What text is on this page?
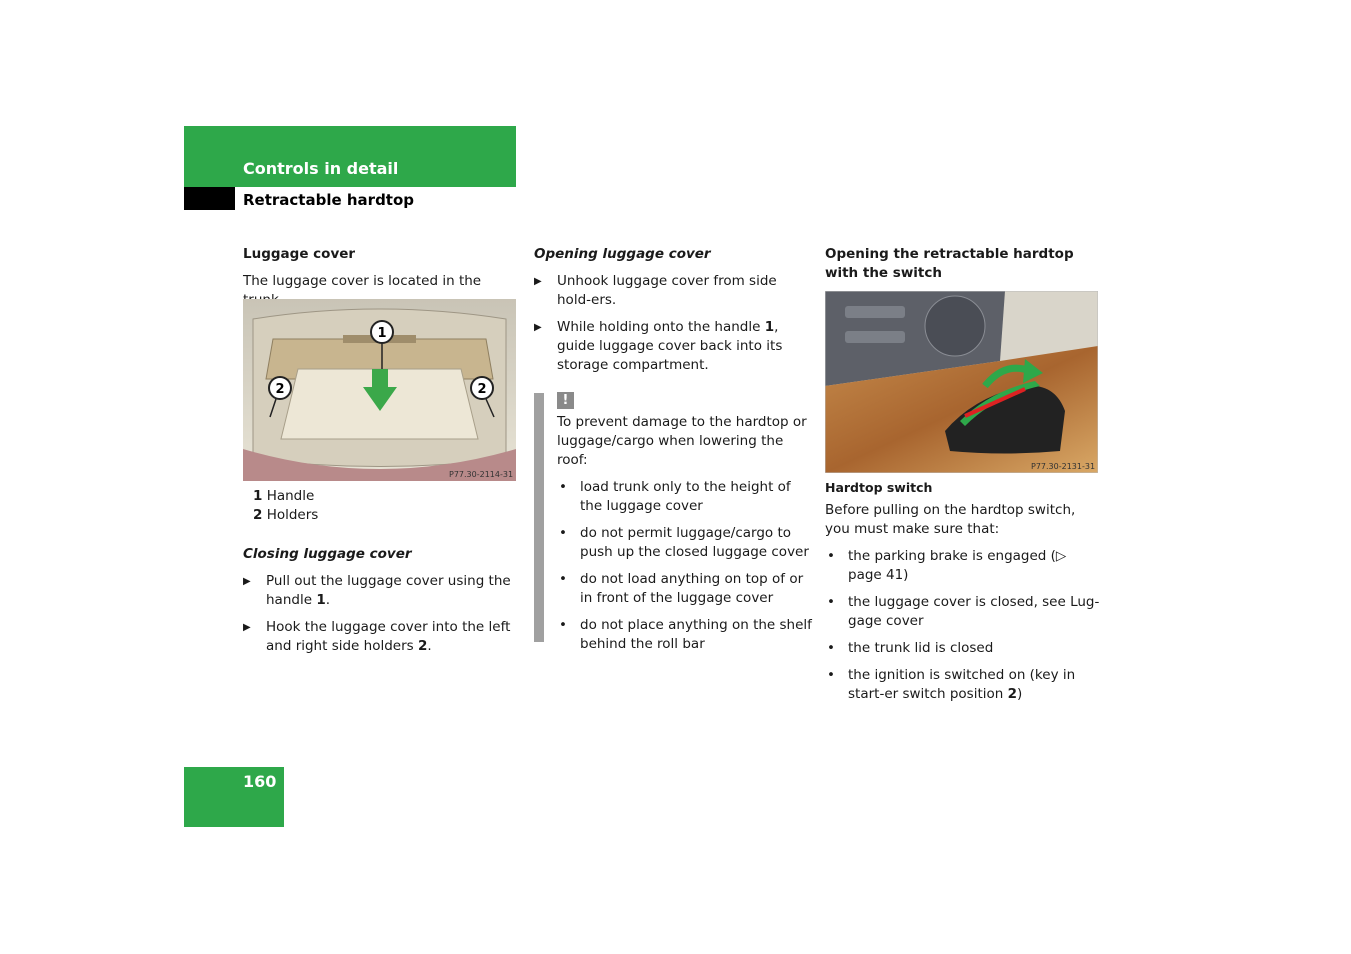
Controls in detail
Retractable hardtop

Luggage cover

The luggage cover is located in the

1
2	2
P77.30-2114-31

1 Handle

2 Holders

Closing luggage cover

▶ Pull out the luggage cover using the handle 1.
▶ Hook the luggage cover into the left and right side holders 2.

Opening luggage cover

▶ Unhook luggage cover from side hold-ers.
▶ While holding onto the handle 1, guide luggage cover back into its storage compartment.
!

To prevent damage to the hardtop or luggage/cargo when lowering the roof:

• load trunk only to the height of the luggage cover
• do not permit luggage/cargo to push up the closed luggage cover
• do not load anything on top of or in front of the luggage cover
• do not place anything on the shelf behind the roll bar

Opening the retractable hardtop with the switch

P77.30-2131-31

Hardtop switch

Before pulling on the hardtop switch, you must make sure that:

• the parking brake is engaged (▷ page 41)
• the luggage cover is closed, see Lug-gage cover
• the trunk lid is closed
• the ignition is switched on (key in start-er switch position 2)
160
